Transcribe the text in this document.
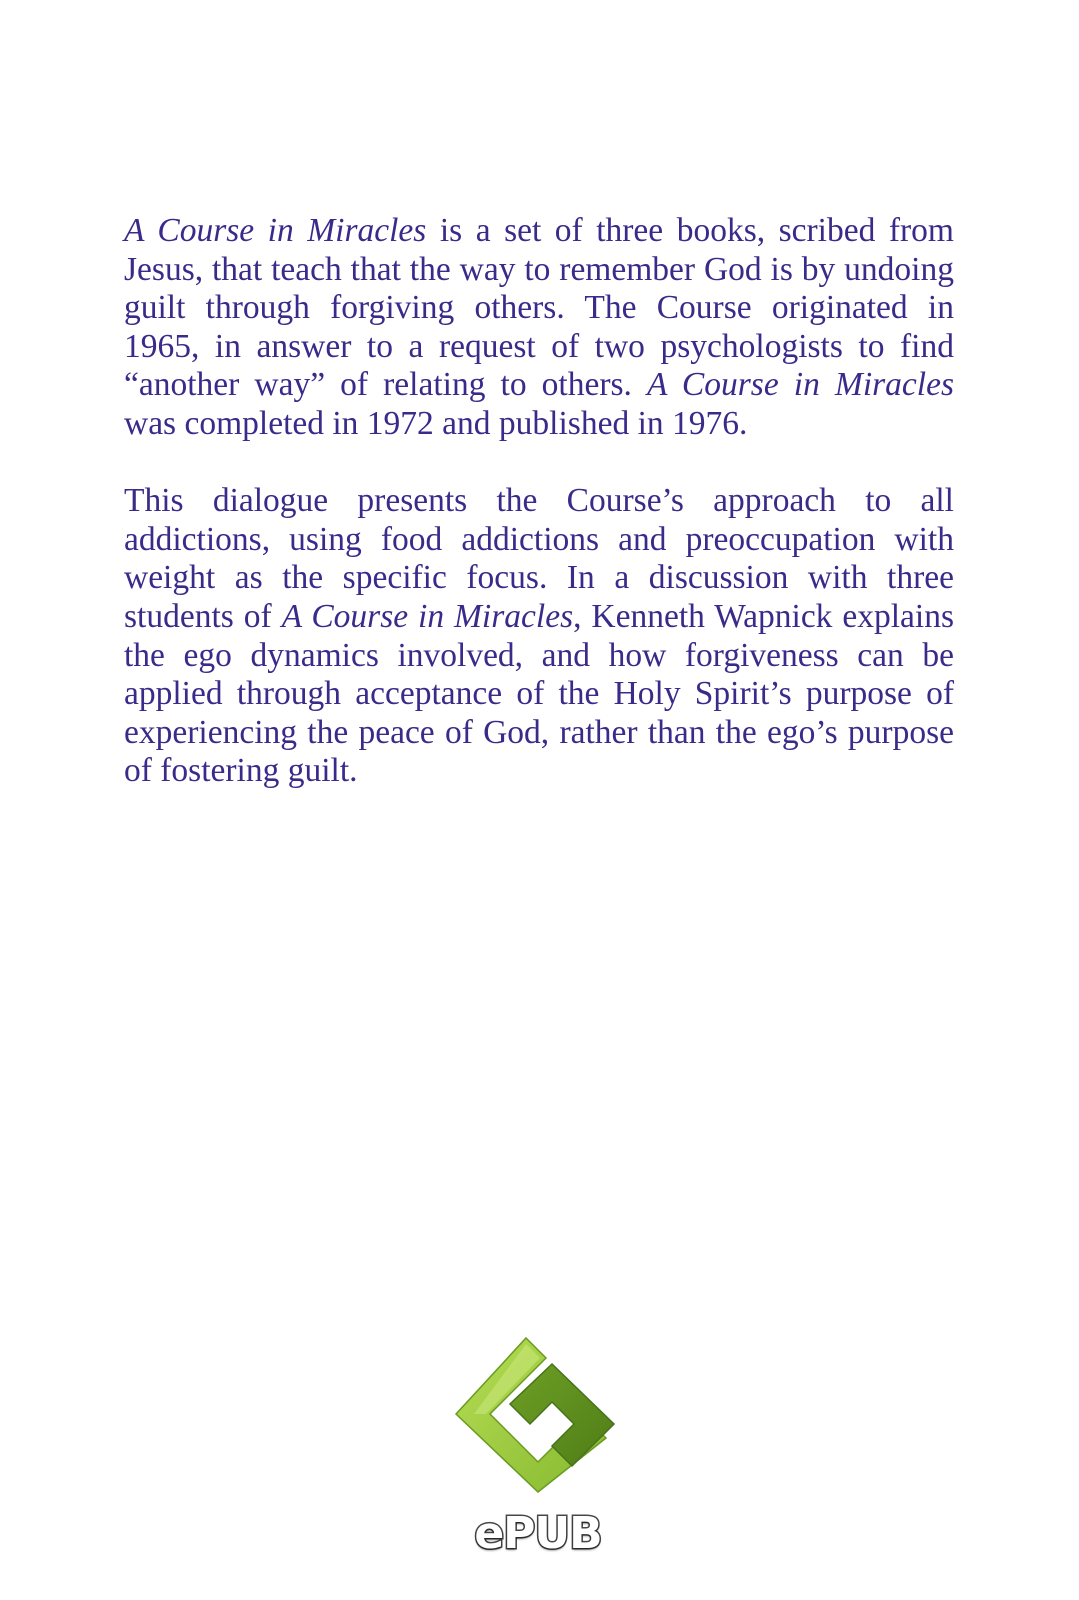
A Course in Miracles is a set of three books, scribed from Jesus, that teach that the way to remember God is by undoing guilt through forgiving others. The Course originated in 1965, in answer to a request of two psychologists to find “another way” of relating to others. A Course in Miracles was completed in 1972 and published in 1976.

This dialogue presents the Course’s approach to all addictions, using food addictions and preoccupation with weight as the specific focus. In a discussion with three students of A Course in Miracles, Kenneth Wapnick explains the ego dynamics involved, and how forgiveness can be applied through acceptance of the Holy Spirit’s purpose of experiencing the peace of God, rather than the ego’s purpose of fostering guilt.

ePUB
